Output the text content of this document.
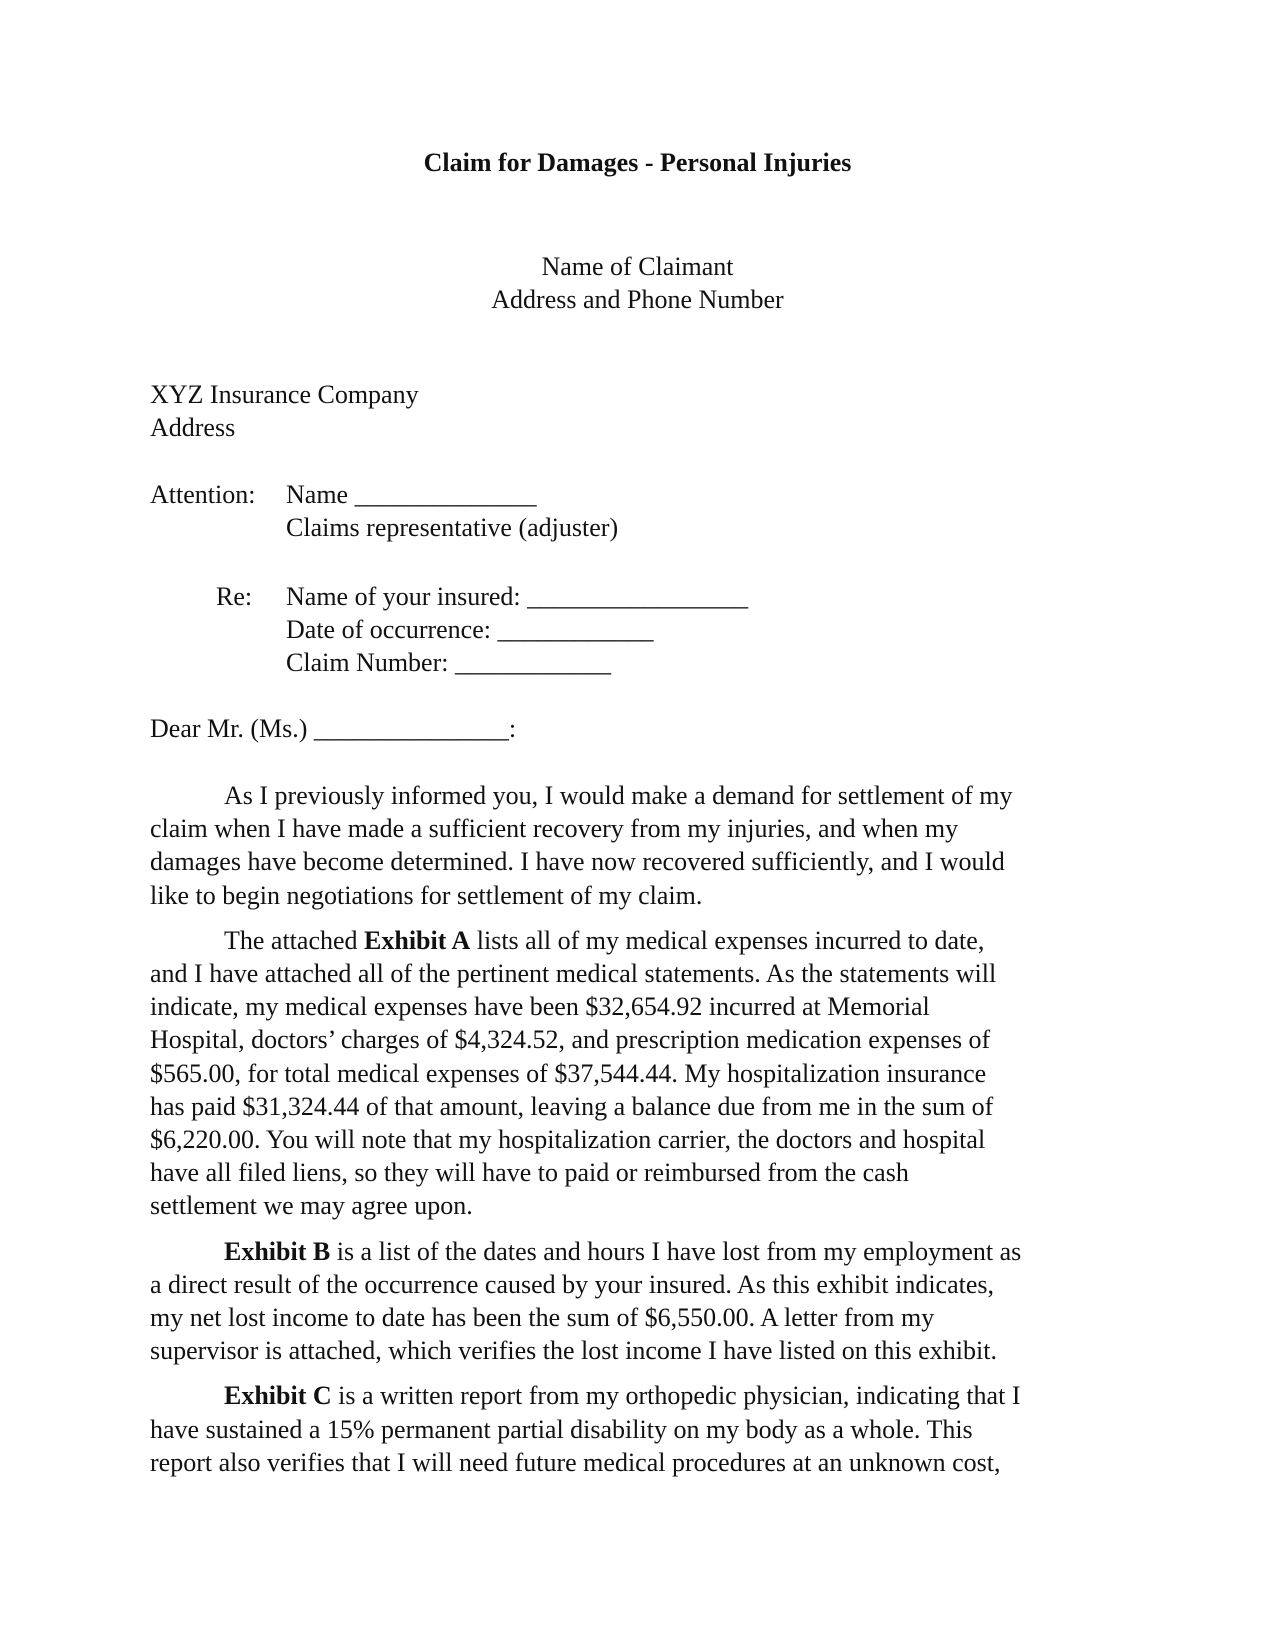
Claim for Damages - Personal Injuries
Name of Claimant
Address and Phone Number
XYZ Insurance Company
Address
Attention: Name ______________
Claims representative (adjuster)
Re: Name of your insured: _________________
Date of occurrence: ____________
Claim Number: ____________
Dear Mr. (Ms.) _______________:
As I previously informed you, I would make a demand for settlement of my
claim when I have made a sufficient recovery from my injuries, and when my
damages have become determined. I have now recovered sufficiently, and I would
like to begin negotiations for settlement of my claim.
The attached Exhibit A lists all of my medical expenses incurred to date,
and I have attached all of the pertinent medical statements. As the statements will
indicate, my medical expenses have been $32,654.92 incurred at Memorial
Hospital, doctors’ charges of $4,324.52, and prescription medication expenses of
$565.00, for total medical expenses of $37,544.44. My hospitalization insurance
has paid $31,324.44 of that amount, leaving a balance due from me in the sum of
$6,220.00. You will note that my hospitalization carrier, the doctors and hospital
have all filed liens, so they will have to paid or reimbursed from the cash
settlement we may agree upon.
Exhibit B is a list of the dates and hours I have lost from my employment as
a direct result of the occurrence caused by your insured. As this exhibit indicates,
my net lost income to date has been the sum of $6,550.00. A letter from my
supervisor is attached, which verifies the lost income I have listed on this exhibit.
Exhibit C is a written report from my orthopedic physician, indicating that I
have sustained a 15% permanent partial disability on my body as a whole. This
report also verifies that I will need future medical procedures at an unknown cost,
